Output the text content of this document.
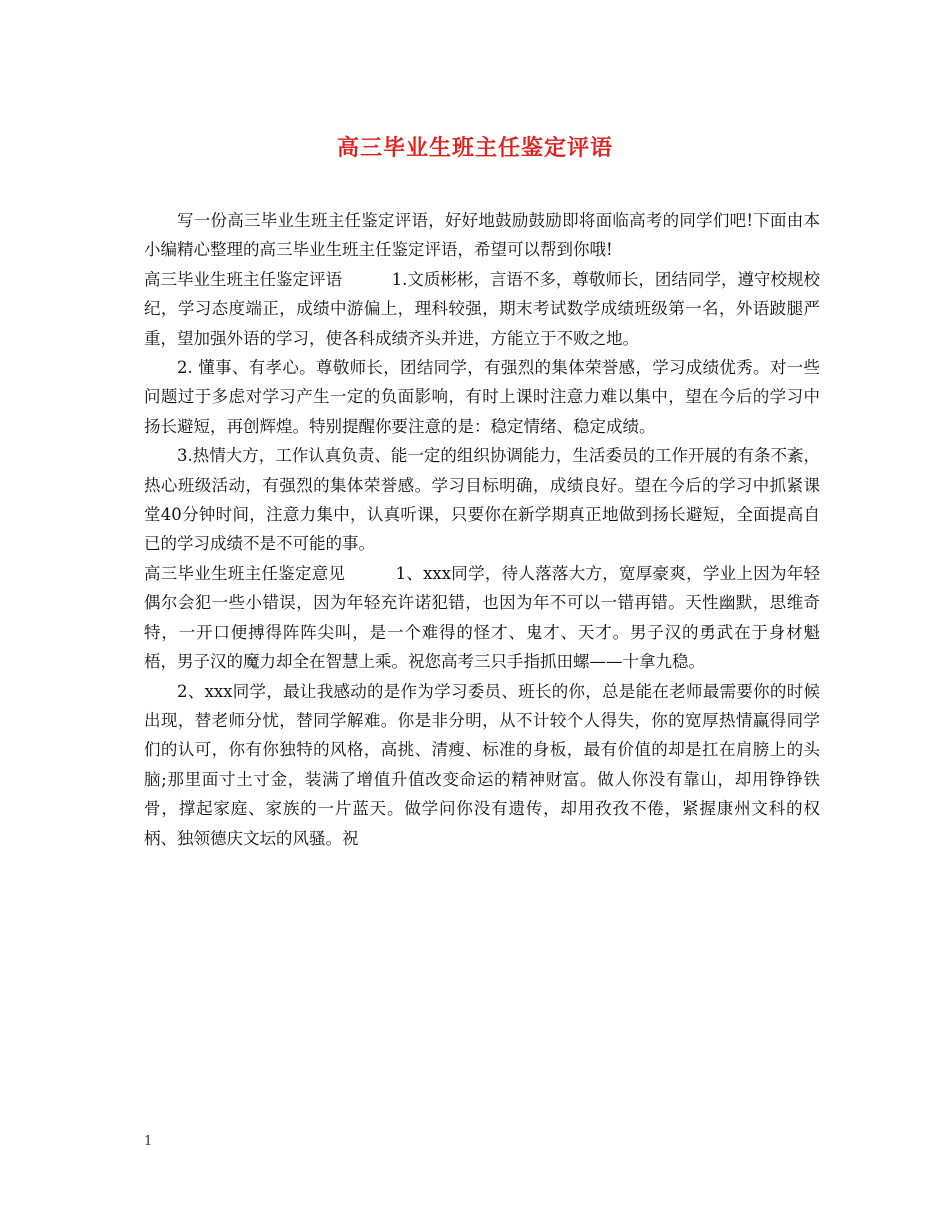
高三毕业生班主任鉴定评语

写一份高三毕业生班主任鉴定评语，好好地鼓励鼓励即将面临高考的同学们吧!下面由本小编精心整理的高三毕业生班主任鉴定评语，希望可以帮到你哦!

高三毕业生班主任鉴定评语　　　1.文质彬彬，言语不多，尊敬师长，团结同学，遵守校规校纪，学习态度端正，成绩中游偏上，理科较强，期末考试数学成绩班级第一名，外语跛腿严重，望加强外语的学习，使各科成绩齐头并进，方能立于不败之地。

2. 懂事、有孝心。尊敬师长，团结同学，有强烈的集体荣誉感，学习成绩优秀。对一些问题过于多虑对学习产生一定的负面影响，有时上课时注意力难以集中，望在今后的学习中扬长避短，再创辉煌。特别提醒你要注意的是：稳定情绪、稳定成绩。

3.热情大方，工作认真负责、能一定的组织协调能力，生活委员的工作开展的有条不紊，热心班级活动，有强烈的集体荣誉感。学习目标明确，成绩良好。望在今后的学习中抓紧课堂40分钟时间，注意力集中，认真听课，只要你在新学期真正地做到扬长避短，全面提高自已的学习成绩不是不可能的事。

高三毕业生班主任鉴定意见　　　1、xxx同学，待人落落大方，宽厚豪爽，学业上因为年轻偶尔会犯一些小错误，因为年轻充许诺犯错，也因为年不可以一错再错。天性幽默，思维奇特，一开口便搏得阵阵尖叫，是一个难得的怪才、鬼才、天才。男子汉的勇武在于身材魁梧，男子汉的魔力却全在智慧上乘。祝您高考三只手指抓田螺——十拿九稳。

2、xxx同学，最让我感动的是作为学习委员、班长的你，总是能在老师最需要你的时候出现，替老师分忧，替同学解难。你是非分明，从不计较个人得失，你的宽厚热情赢得同学们的认可，你有你独特的风格，高挑、清瘦、标准的身板，最有价值的却是扛在肩膀上的头脑;那里面寸土寸金，装满了增值升值改变命运的精神财富。做人你没有靠山，却用铮铮铁骨，撑起家庭、家族的一片蓝天。做学问你没有遗传，却用孜孜不倦，紧握康州文科的权柄、独领德庆文坛的风骚。祝

1
